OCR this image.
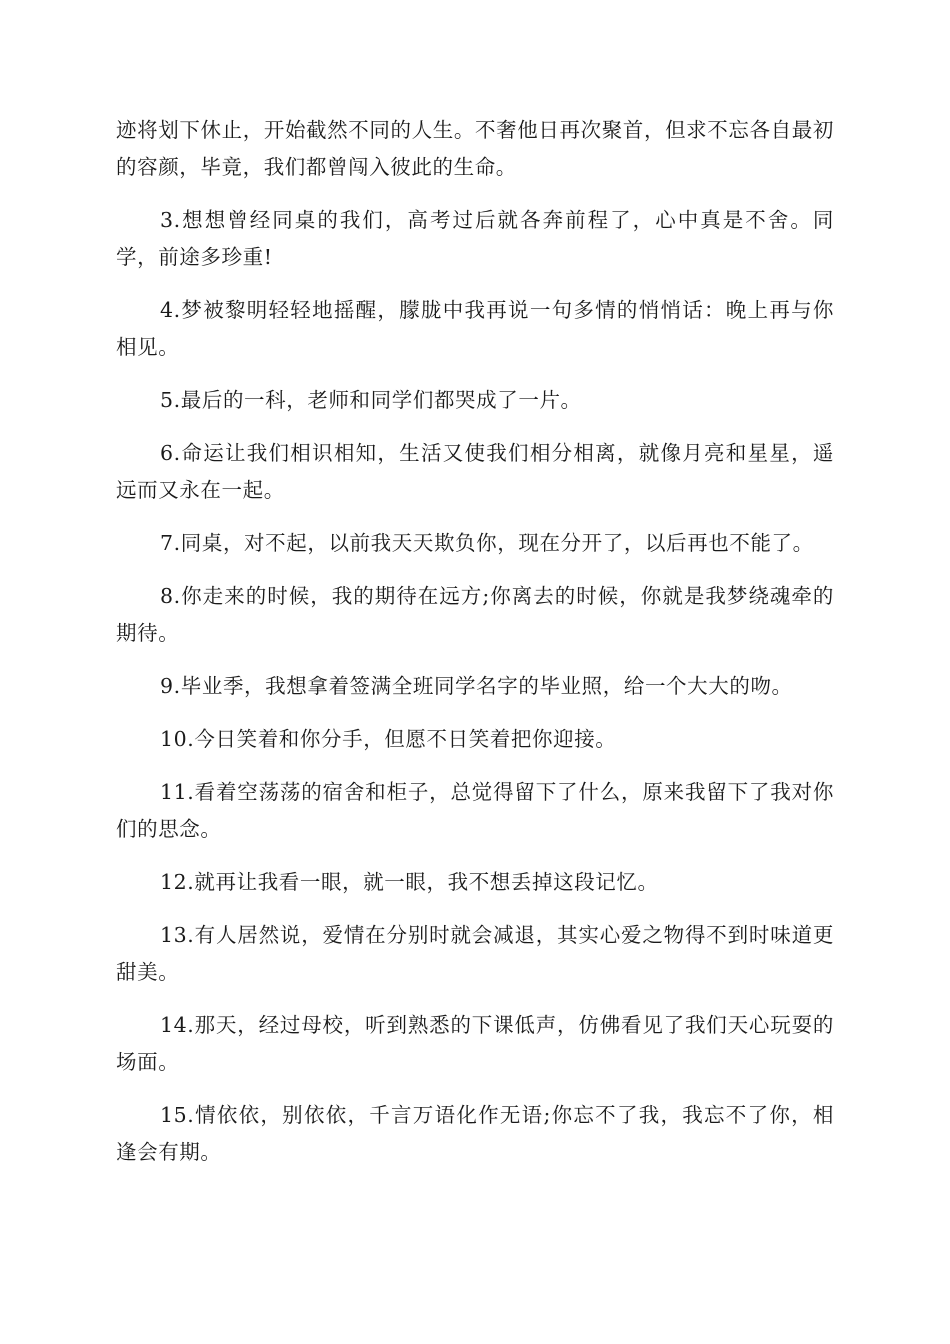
迹将划下休止，开始截然不同的人生。不奢他日再次聚首，但求不忘各自最初的容颜，毕竟，我们都曾闯入彼此的生命。

3.想想曾经同桌的我们，高考过后就各奔前程了，心中真是不舍。同学，前途多珍重!

4.梦被黎明轻轻地摇醒，朦胧中我再说一句多情的悄悄话：晚上再与你相见。

5.最后的一科，老师和同学们都哭成了一片。

6.命运让我们相识相知，生活又使我们相分相离，就像月亮和星星，遥远而又永在一起。

7.同桌，对不起，以前我天天欺负你，现在分开了，以后再也不能了。

8.你走来的时候，我的期待在远方;你离去的时候，你就是我梦绕魂牵的期待。

9.毕业季，我想拿着签满全班同学名字的毕业照，给一个大大的吻。

10.今日笑着和你分手，但愿不日笑着把你迎接。

11.看着空荡荡的宿舍和柜子，总觉得留下了什么，原来我留下了我对你们的思念。

12.就再让我看一眼，就一眼，我不想丢掉这段记忆。

13.有人居然说，爱情在分别时就会减退，其实心爱之物得不到时味道更甜美。

14.那天，经过母校，听到熟悉的下课低声，仿佛看见了我们天心玩耍的场面。

15.情依依，别依依，千言万语化作无语;你忘不了我，我忘不了你，相逢会有期。
